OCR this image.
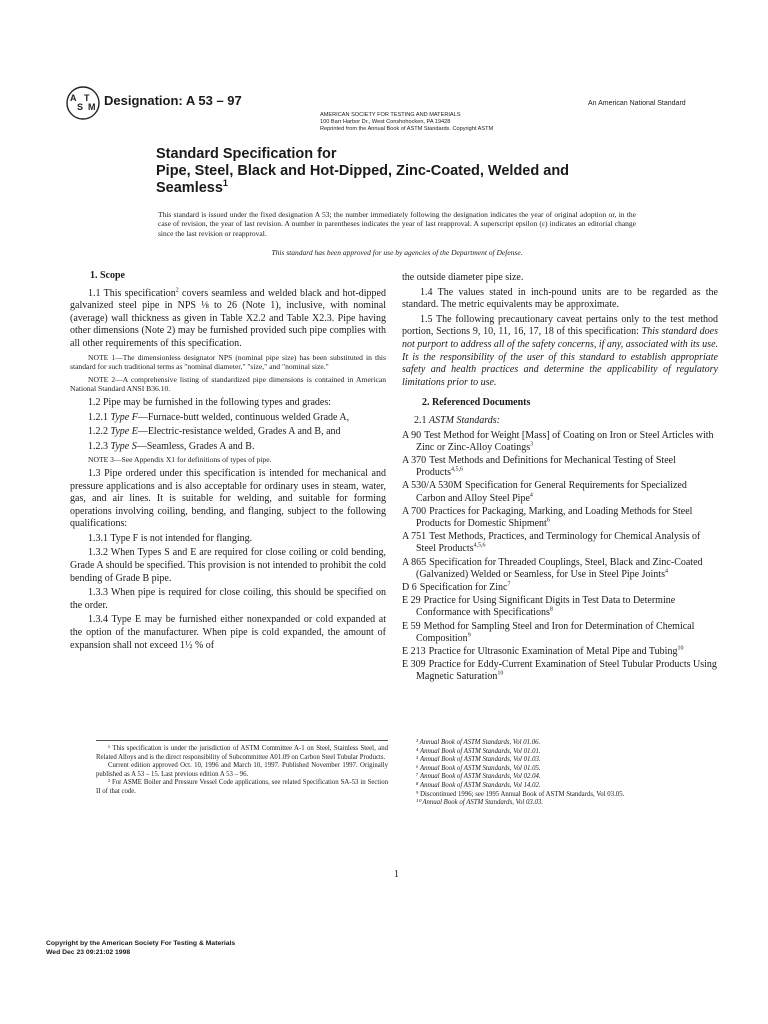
A
S
T
M Designation: A 53 – 97	An American National Standard
AMERICAN SOCIETY FOR TESTING AND MATERIALS
100 Barr Harbor Dr., West Conshohocken, PA 19428
Reprinted from the Annual Book of ASTM Standards. Copyright ASTM
Standard Specification for
Pipe, Steel, Black and Hot-Dipped, Zinc-Coated, Welded and
Seamless$^1$
This standard is issued under the fixed designation A 53; the number immediately following the designation indicates the year of original adoption or, in the case of revision, the year of last revision. A number in parentheses indicates the year of last reapproval. A superscript epsilon (ε) indicates an editorial change since the last revision or reapproval.
This standard has been approved for use by agencies of the Department of Defense.
1. Scope

1.1 This specification$^2$ covers seamless and welded black and hot-dipped galvanized steel pipe in NPS ⅛ to 26 (Note 1), inclusive, with nominal (average) wall thickness as given in Table X2.2 and Table X2.3. Pipe having other dimensions (Note 2) may be furnished provided such pipe complies with all other requirements of this specification.

NOTE 1—The dimensionless designator NPS (nominal pipe size) has been substituted in this standard for such traditional terms as "nominal diameter," "size," and "nominal size."

NOTE 2—A comprehensive listing of standardized pipe dimensions is contained in American National Standard ANSI B36.10.

1.2 Pipe may be furnished in the following types and grades:

1.2.1 Type F—Furnace-butt welded, continuous welded Grade A,

1.2.2 Type E—Electric-resistance welded, Grades A and B, and

1.2.3 Type S—Seamless, Grades A and B.

NOTE 3—See Appendix X1 for definitions of types of pipe.

1.3 Pipe ordered under this specification is intended for mechanical and pressure applications and is also acceptable for ordinary uses in steam, water, gas, and air lines. It is suitable for welding, and suitable for forming operations involving coiling, bending, and flanging, subject to the following qualifications:

1.3.1 Type F is not intended for flanging.

1.3.2 When Types S and E are required for close coiling or cold bending, Grade A should be specified. This provision is not intended to prohibit the cold bending of Grade B pipe.

1.3.3 When pipe is required for close coiling, this should be specified on the order.

1.3.4 Type E may be furnished either nonexpanded or cold expanded at the option of the manufacturer. When pipe is cold expanded, the amount of expansion shall not exceed 1½ % of

the outside diameter pipe size.

1.4 The values stated in inch-pound units are to be regarded as the standard. The metric equivalents may be approximate.

1.5 The following precautionary caveat pertains only to the test method portion, Sections 9, 10, 11, 16, 17, 18 of this specification: This standard does not purport to address all of the safety concerns, if any, associated with its use. It is the responsibility of the user of this standard to establish appropriate safety and health practices and determine the applicability of regulatory limitations prior to use.

2. Referenced Documents

2.1 ASTM Standards:

A 90 Test Method for Weight [Mass] of Coating on Iron or Steel Articles with Zinc or Zinc-Alloy Coatings$^3$
A 370 Test Methods and Definitions for Mechanical Testing of Steel Products$^{4,5,6}$
A 530/A 530M Specification for General Requirements for Specialized Carbon and Alloy Steel Pipe$^4$
A 700 Practices for Packaging, Marking, and Loading Methods for Steel Products for Domestic Shipment$^6$
A 751 Test Methods, Practices, and Terminology for Chemical Analysis of Steel Products$^{4,5,6}$
A 865 Specification for Threaded Couplings, Steel, Black and Zinc-Coated (Galvanized) Welded or Seamless, for Use in Steel Pipe Joints$^4$
D 6 Specification for Zinc$^7$
E 29 Practice for Using Significant Digits in Test Data to Determine Conformance with Specifications$^8$
E 59 Method for Sampling Steel and Iron for Determination of Chemical Composition$^9$
E 213 Practice for Ultrasonic Examination of Metal Pipe and Tubing$^{10}$
E 309 Practice for Eddy-Current Examination of Steel Tubular Products Using Magnetic Saturation$^{10}$

¹ This specification is under the jurisdiction of ASTM Committee A-1 on Steel, Stainless Steel, and Related Alloys and is the direct responsibility of Subcommittee A01.09 on Carbon Steel Tubular Products.

Current edition approved Oct. 10, 1996 and March 10, 1997. Published November 1997. Originally published as A 53 – 15. Last previous edition A 53 – 96.

² For ASME Boiler and Pressure Vessel Code applications, see related Specification SA-53 in Section II of that code.

³ Annual Book of ASTM Standards, Vol 01.06.
⁴ Annual Book of ASTM Standards, Vol 01.01.
⁵ Annual Book of ASTM Standards, Vol 01.03.
⁶ Annual Book of ASTM Standards, Vol 01.05.
⁷ Annual Book of ASTM Standards, Vol 02.04.
⁸ Annual Book of ASTM Standards, Vol 14.02.
⁹ Discontinued 1996; see 1995 Annual Book of ASTM Standards, Vol 03.05.
¹⁰ Annual Book of ASTM Standards, Vol 03.03.
1
Copyright by the American Society For Testing & Materials
Wed Dec 23 09:21:02 1998
